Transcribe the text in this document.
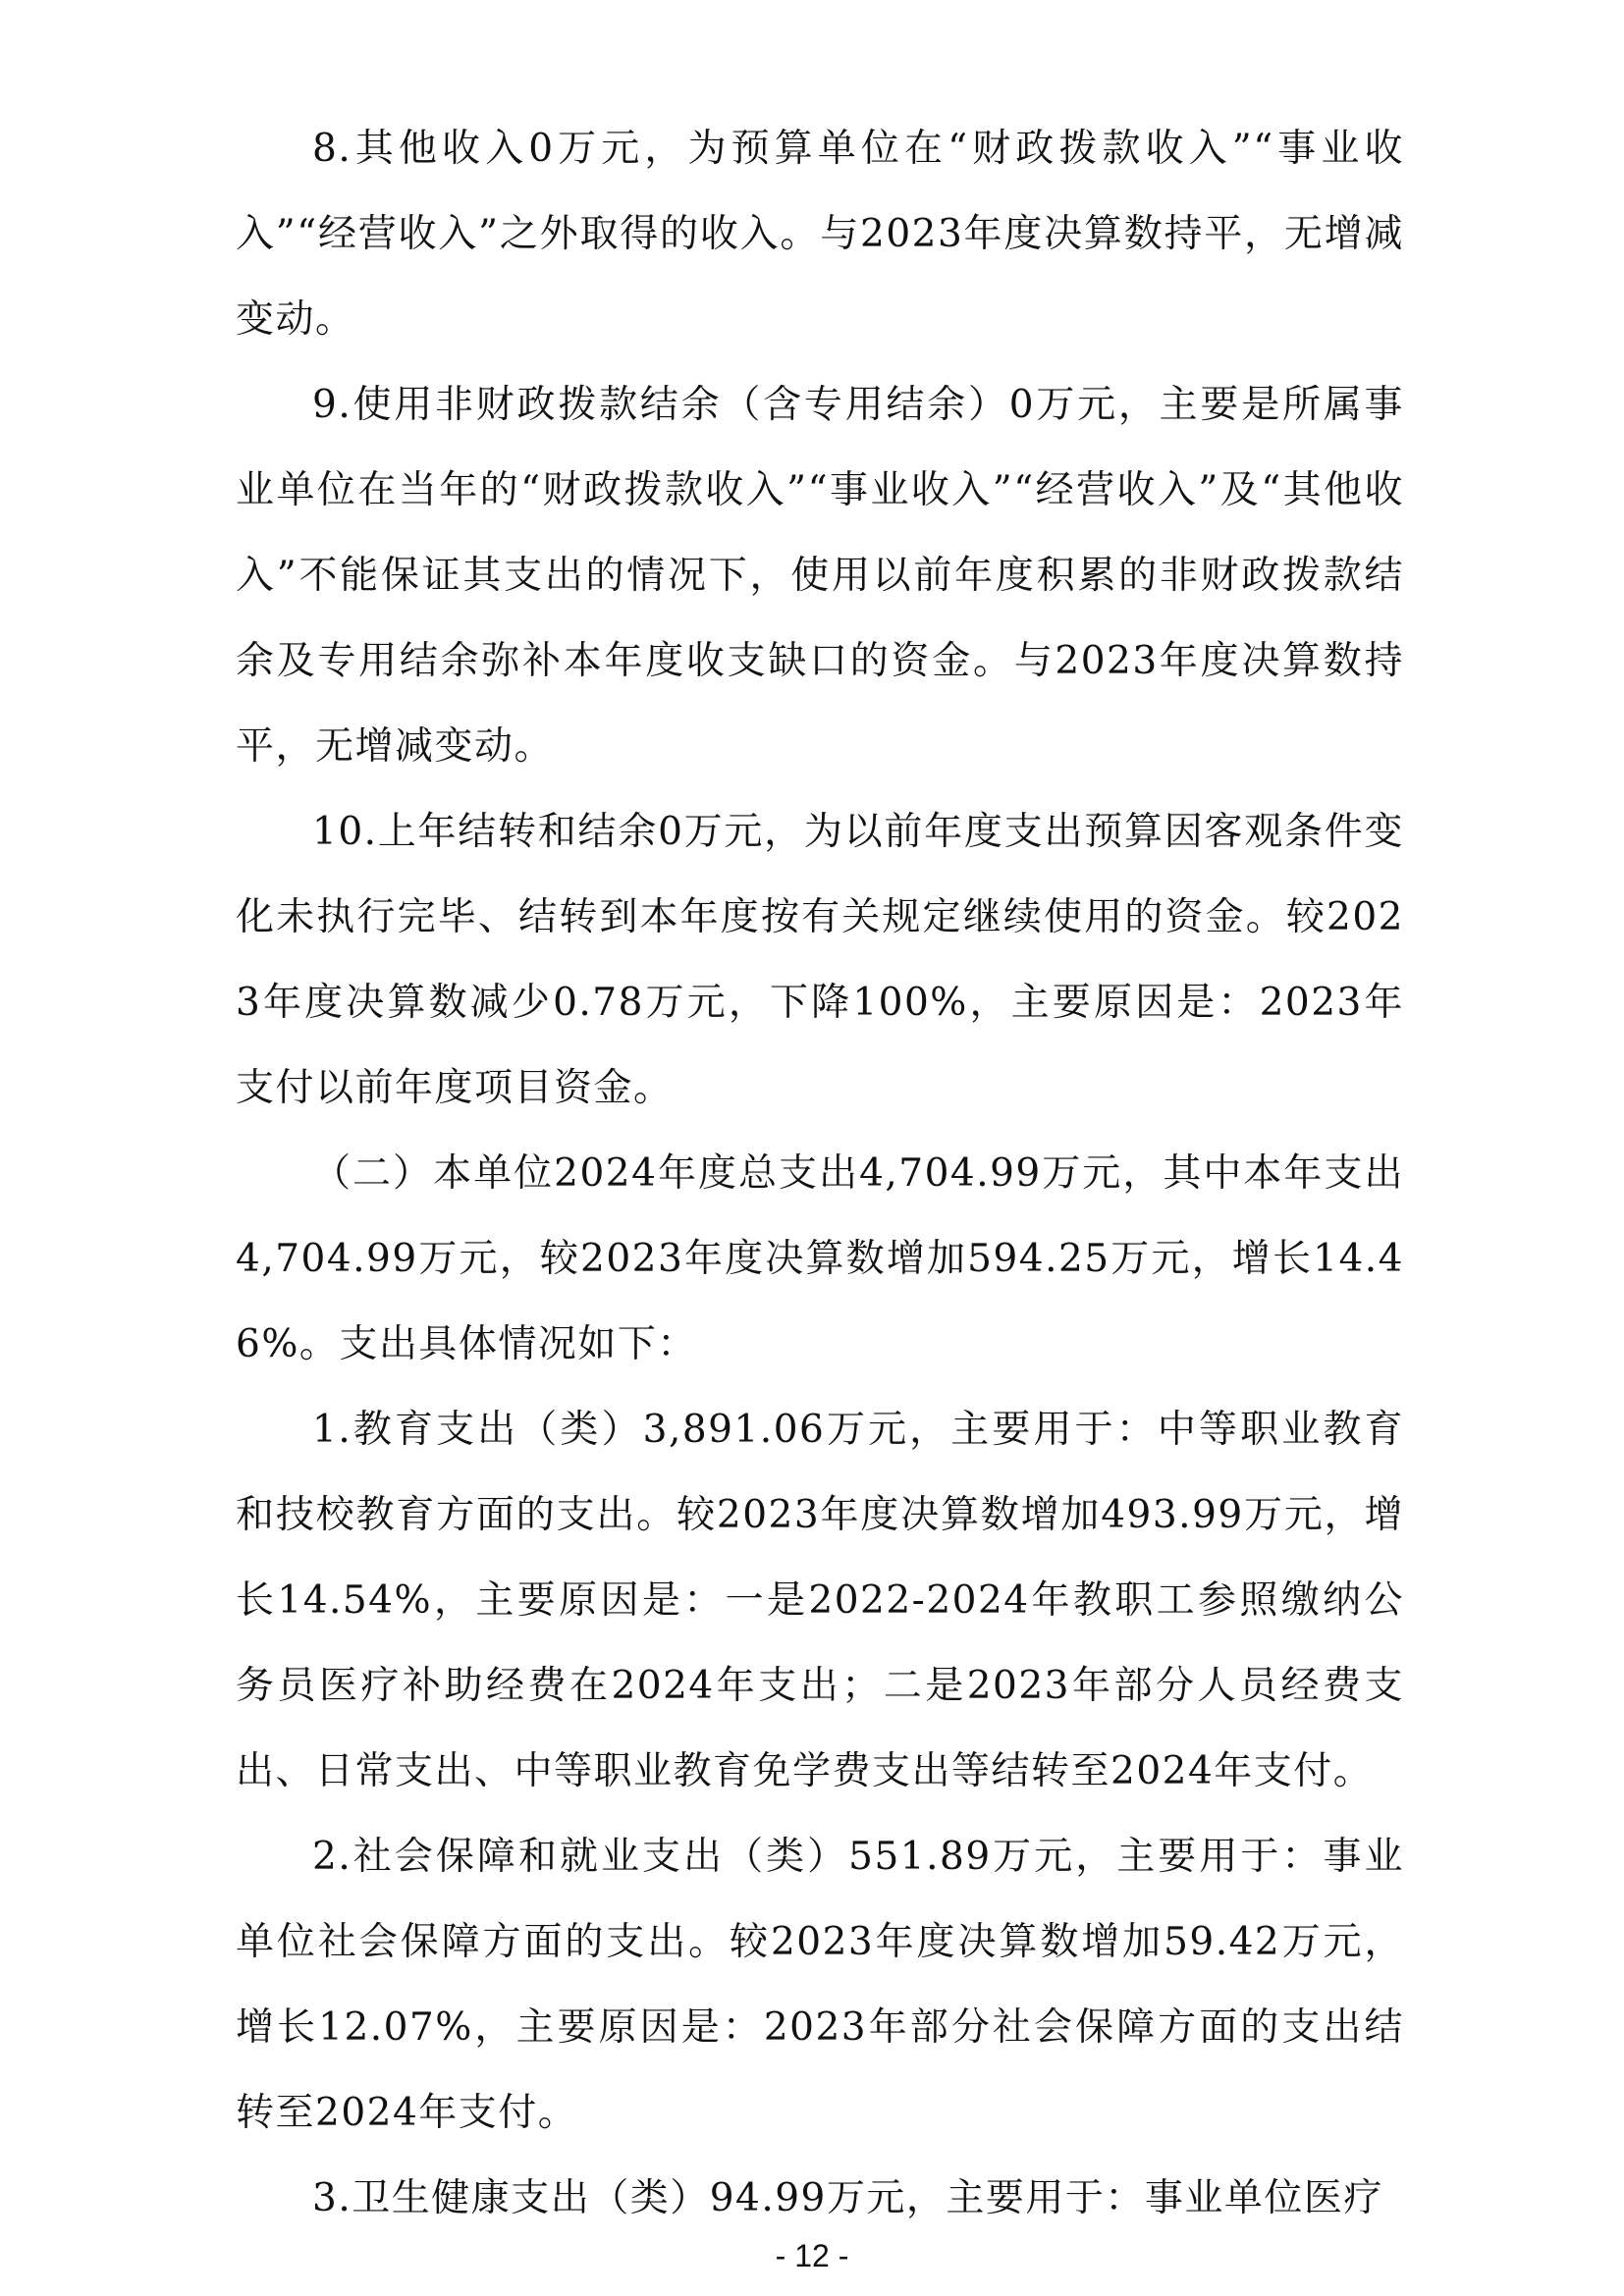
8.其他收入0万元，为预算单位在“财政拨款收入”“事业收入”“经营收入”之外取得的收入。与2023年度决算数持平，无增减变动。

9.使用非财政拨款结余（含专用结余）0万元，主要是所属事业单位在当年的“财政拨款收入”“事业收入”“经营收入”及“其他收入”不能保证其支出的情况下，使用以前年度积累的非财政拨款结余及专用结余弥补本年度收支缺口的资金。与2023年度决算数持平，无增减变动。

10.上年结转和结余0万元，为以前年度支出预算因客观条件变化未执行完毕、结转到本年度按有关规定继续使用的资金。较2023年度决算数减少0.78万元，下降100%，主要原因是：2023年支付以前年度项目资金。

（二）本单位2024年度总支出4,704.99万元，其中本年支出4,704.99万元，较2023年度决算数增加594.25万元，增长14.46%。支出具体情况如下：

1.教育支出（类）3,891.06万元，主要用于：中等职业教育和技校教育方面的支出。较2023年度决算数增加493.99万元，增长14.54%，主要原因是：一是2022-2024年教职工参照缴纳公务员医疗补助经费在2024年支出；二是2023年部分人员经费支出、日常支出、中等职业教育免学费支出等结转至2024年支付。

2.社会保障和就业支出（类）551.89万元，主要用于：事业单位社会保障方面的支出。较2023年度决算数增加59.42万元，增长12.07%，主要原因是：2023年部分社会保障方面的支出结转至2024年支付。

3.卫生健康支出（类）94.99万元，主要用于：事业单位医疗

- 12 -
